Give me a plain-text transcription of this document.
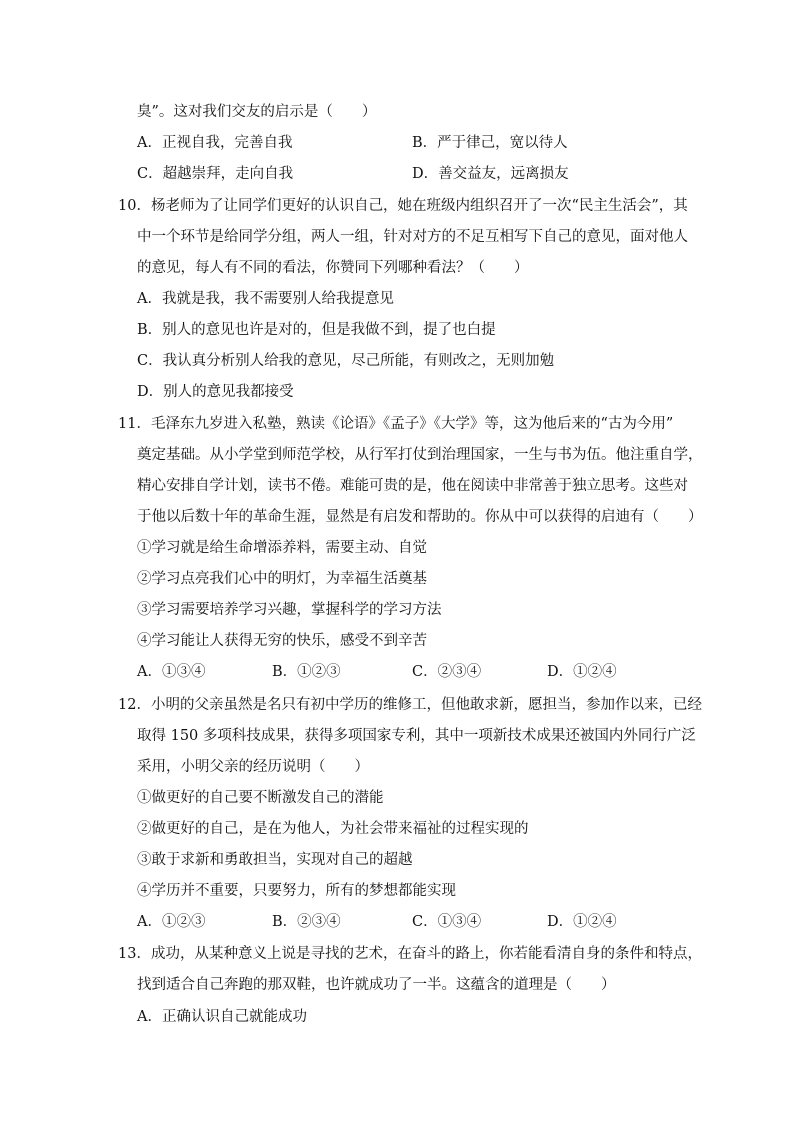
臭”。这对我们交友的启示是（　　）
A．正视自我，完善自我	B．严于律己，宽以待人
C．超越崇拜，走向自我	D．善交益友，远离损友
10．杨老师为了让同学们更好的认识自己，她在班级内组织召开了一次“民主生活会”，其
中一个环节是给同学分组，两人一组，针对对方的不足互相写下自己的意见，面对他人
的意见，每人有不同的看法，你赞同下列哪种看法？（　　）
A．我就是我，我不需要别人给我提意见
B．别人的意见也许是对的，但是我做不到，提了也白提
C．我认真分析别人给我的意见，尽己所能，有则改之，无则加勉
D．别人的意见我都接受
11．毛泽东九岁进入私塾，熟读《论语》《孟子》《大学》等，这为他后来的“古为今用”
奠定基础。从小学堂到师范学校，从行军打仗到治理国家，一生与书为伍。他注重自学，
精心安排自学计划，读书不倦。难能可贵的是，他在阅读中非常善于独立思考。这些对
于他以后数十年的革命生涯，显然是有启发和帮助的。你从中可以获得的启迪有（　　）
①学习就是给生命增添养料，需要主动、自觉
②学习点亮我们心中的明灯，为幸福生活奠基
③学习需要培养学习兴趣，掌握科学的学习方法
④学习能让人获得无穷的快乐，感受不到辛苦
A．①③④	B．①②③	C．②③④	D．①②④
12．小明的父亲虽然是名只有初中学历的维修工，但他敢求新，愿担当，参加作以来，已经
取得 150 多项科技成果，获得多项国家专利，其中一项新技术成果还被国内外同行广泛
采用，小明父亲的经历说明（　　）
①做更好的自己要不断激发自己的潜能
②做更好的自己，是在为他人，为社会带来福祉的过程实现的
③敢于求新和勇敢担当，实现对自己的超越
④学历并不重要，只要努力，所有的梦想都能实现
A．①②③	B．②③④	C．①③④	D．①②④
13．成功，从某种意义上说是寻找的艺术，在奋斗的路上，你若能看清自身的条件和特点，
找到适合自己奔跑的那双鞋，也许就成功了一半。这蕴含的道理是（　　）
A．正确认识自己就能成功
